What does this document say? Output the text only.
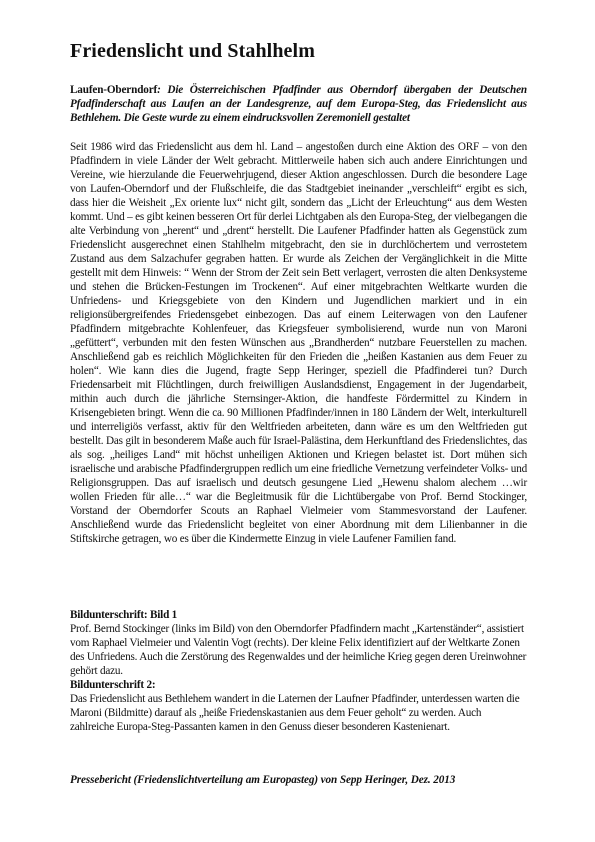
Friedenslicht und Stahlhelm

Laufen-Oberndorf: Die Österreichischen Pfadfinder aus Oberndorf übergaben der Deutschen Pfadfinderschaft aus Laufen an der Landesgrenze, auf dem Europa-Steg, das Friedenslicht aus Bethlehem. Die Geste wurde zu einem eindrucksvollen Zeremoniell gestaltet

Seit 1986 wird das Friedenslicht aus dem hl. Land – angestoßen durch eine Aktion des ORF – von den Pfadfindern in viele Länder der Welt gebracht. Mittlerweile haben sich auch andere Einrichtungen und Vereine, wie hierzulande die Feuerwehrjugend, dieser Aktion angeschlossen. Durch die besondere Lage von Laufen-Oberndorf und der Flußschleife, die das Stadtgebiet ineinander „verschleift“ ergibt es sich, dass hier die Weisheit „Ex oriente lux“ nicht gilt, sondern das „Licht der Erleuchtung“ aus dem Westen kommt. Und – es gibt keinen besseren Ort für derlei Lichtgaben als den Europa-Steg, der vielbegangen die alte Verbindung von „herent“ und „drent“ herstellt. Die Laufener Pfadfinder hatten als Gegenstück zum Friedenslicht ausgerechnet einen Stahlhelm mitgebracht, den sie in durchlöchertem und verrostetem Zustand aus dem Salzachufer gegraben hatten. Er wurde als Zeichen der Vergänglichkeit in die Mitte gestellt mit dem Hinweis: “ Wenn der Strom der Zeit sein Bett verlagert, verrosten die alten Denksysteme und stehen die Brücken-Festungen im Trockenen“. Auf einer mitgebrachten Weltkarte wurden die Unfriedens- und Kriegsgebiete von den Kindern und Jugendlichen markiert und in ein religionsübergreifendes Friedensgebet einbezogen. Das auf einem Leiterwagen von den Laufener Pfadfindern mitgebrachte Kohlenfeuer, das Kriegsfeuer symbolisierend, wurde nun von Maroni „gefüttert“, verbunden mit den festen Wünschen aus „Brandherden“ nutzbare Feuerstellen zu machen. Anschließend gab es reichlich Möglichkeiten für den Frieden die „heißen Kastanien aus dem Feuer zu holen“. Wie kann dies die Jugend, fragte Sepp Heringer, speziell die Pfadfinderei tun? Durch Friedensarbeit mit Flüchtlingen, durch freiwilligen Auslandsdienst, Engagement in der Jugendarbeit, mithin auch durch die jährliche Sternsinger-Aktion, die handfeste Fördermittel zu Kindern in Krisengebieten bringt. Wenn die ca. 90 Millionen Pfadfinder/innen in 180 Ländern der Welt, interkulturell und interreligiös verfasst, aktiv für den Weltfrieden arbeiteten, dann wäre es um den Weltfrieden gut bestellt. Das gilt in besonderem Maße auch für Israel-Palästina, dem Herkunftland des Friedenslichtes, das als sog. „heiliges Land“ mit höchst unheiligen Aktionen und Kriegen belastet ist. Dort mühen sich israelische und arabische Pfadfindergruppen redlich um eine friedliche Vernetzung verfeindeter Volks- und Religionsgruppen. Das auf israelisch und deutsch gesungene Lied „Hewenu shalom alechem …wir wollen Frieden für alle…“ war die Begleitmusik für die Lichtübergabe von Prof. Bernd Stockinger, Vorstand der Oberndorfer Scouts an Raphael Vielmeier vom Stammesvorstand der Laufener. Anschließend wurde das Friedenslicht begleitet von einer Abordnung mit dem Lilienbanner in die Stiftskirche getragen, wo es über die Kindermette Einzug in viele Laufener Familien fand.

Bildunterschrift: Bild 1

Prof. Bernd Stockinger (links im Bild) von den Oberndorfer Pfadfindern macht „Kartenständer“, assistiert vom Raphael Vielmeier und Valentin Vogt (rechts). Der kleine Felix identifiziert auf der Weltkarte Zonen des Unfriedens. Auch die Zerstörung des Regenwaldes und der heimliche Krieg gegen deren Ureinwohner gehört dazu.

Bildunterschrift 2:

Das Friedenslicht aus Bethlehem wandert in die Laternen der Laufner Pfadfinder, unterdessen warten die Maroni (Bildmitte) darauf als „heiße Friedenskastanien aus dem Feuer geholt“ zu werden. Auch zahlreiche Europa-Steg-Passanten kamen in den Genuss dieser besonderen Kastenienart.

Pressebericht (Friedenslichtverteilung am Europasteg) von Sepp Heringer, Dez. 2013
